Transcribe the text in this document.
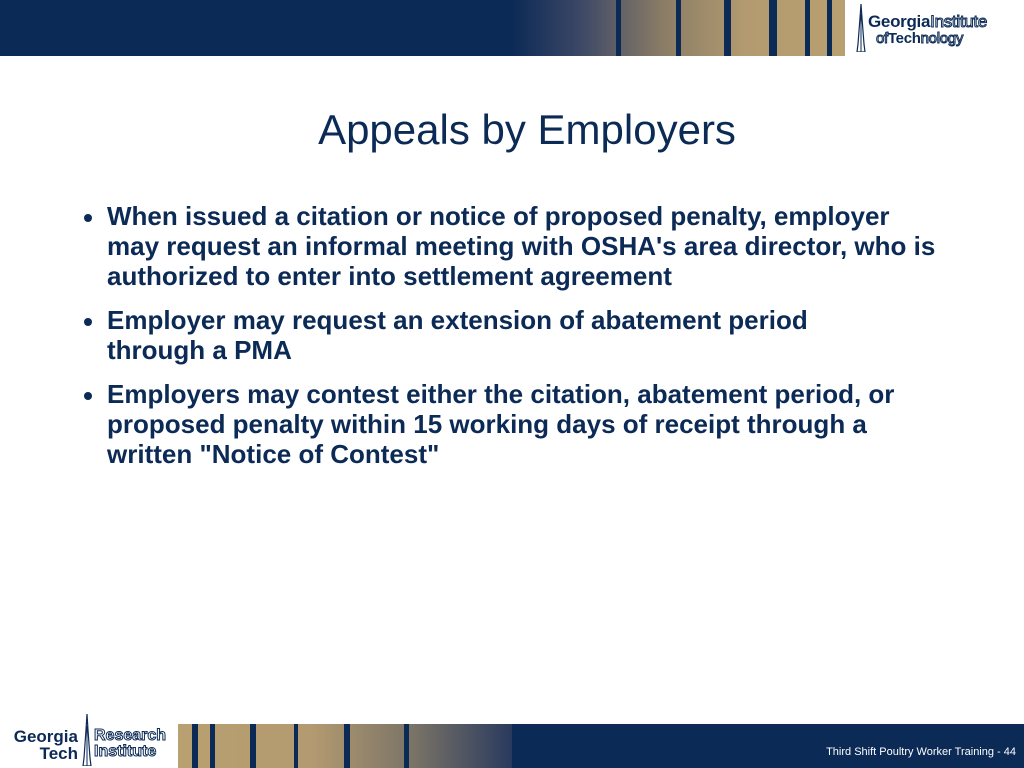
GeorgiaInstitute
ofTechnology
Appeals by Employers
When issued a citation or notice of proposed penalty, employer may request an informal meeting with OSHA's area director, who is authorized to enter into settlement agreement
Employer may request an extension of abatement period through a PMA
Employers may contest either the citation, abatement period, or proposed penalty within 15 working days of receipt through a written "Notice of Contest"
Georgia
Tech
Research
Institute	Third Shift Poultry Worker Training - 44
